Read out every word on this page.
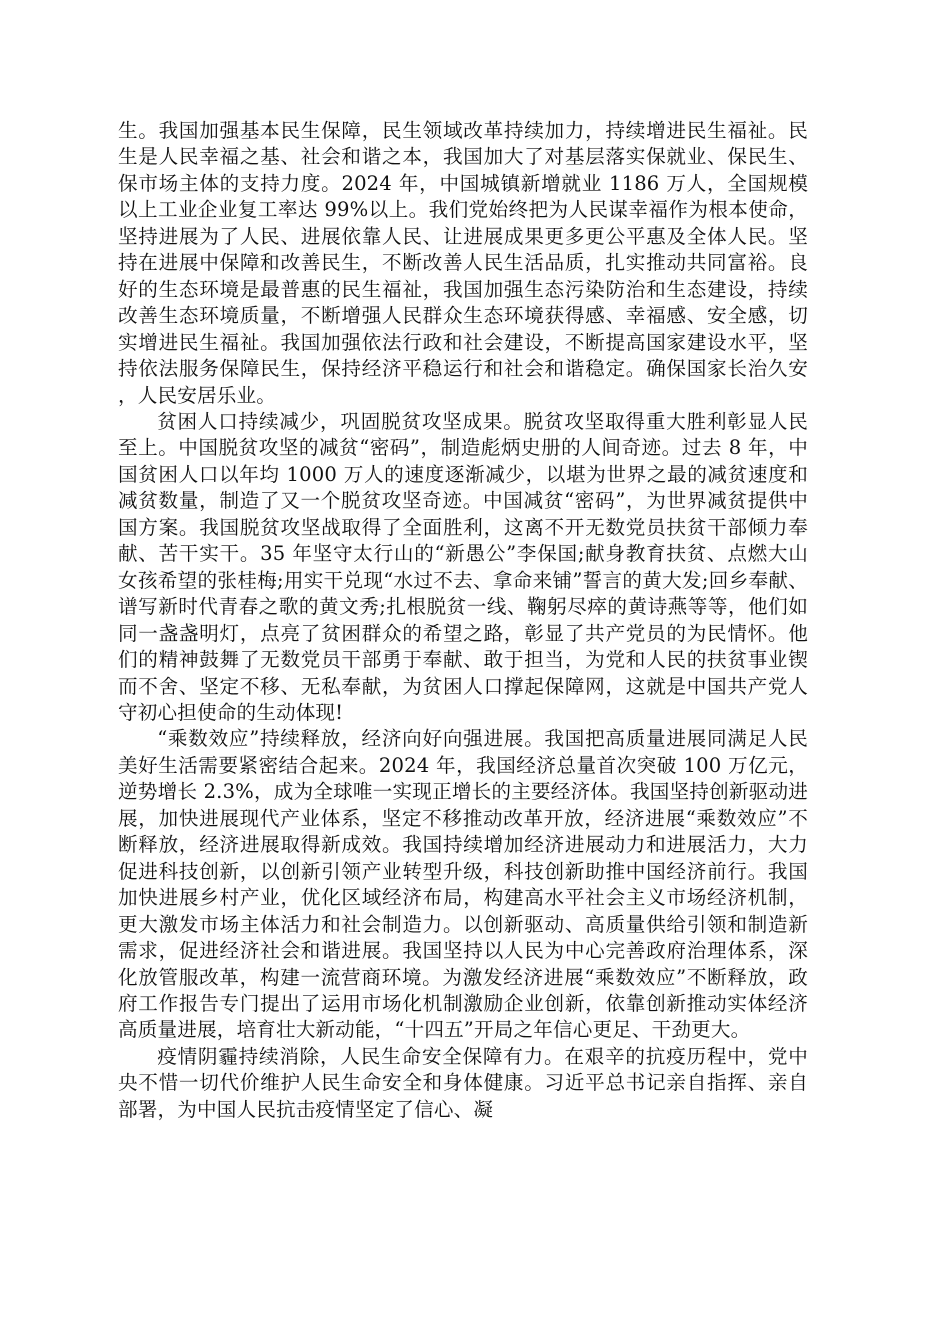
生。我国加强基本民生保障，民生领域改革持续加力，持续增进民生福祉。民生是人民幸福之基、社会和谐之本，我国加大了对基层落实保就业、保民生、保市场主体的支持力度。2024 年，中国城镇新增就业 1186 万人，全国规模以上工业企业复工率达 99%以上。我们党始终把为人民谋幸福作为根本使命，坚持进展为了人民、进展依靠人民、让进展成果更多更公平惠及全体人民。坚持在进展中保障和改善民生，不断改善人民生活品质，扎实推动共同富裕。良好的生态环境是最普惠的民生福祉，我国加强生态污染防治和生态建设，持续改善生态环境质量，不断增强人民群众生态环境获得感、幸福感、安全感，切实增进民生福祉。我国加强依法行政和社会建设，不断提高国家建设水平，坚持依法服务保障民生，保持经济平稳运行和社会和谐稳定。确保国家长治久安，人民安居乐业。

贫困人口持续减少，巩固脱贫攻坚成果。脱贫攻坚取得重大胜利彰显人民至上。中国脱贫攻坚的减贫“密码”，制造彪炳史册的人间奇迹。过去 8 年，中国贫困人口以年均 1000 万人的速度逐渐减少，以堪为世界之最的减贫速度和减贫数量，制造了又一个脱贫攻坚奇迹。中国减贫“密码”，为世界减贫提供中国方案。我国脱贫攻坚战取得了全面胜利，这离不开无数党员扶贫干部倾力奉献、苦干实干。35 年坚守太行山的“新愚公”李保国;献身教育扶贫、点燃大山女孩希望的张桂梅;用实干兑现“水过不去、拿命来铺”誓言的黄大发;回乡奉献、谱写新时代青春之歌的黄文秀;扎根脱贫一线、鞠躬尽瘁的黄诗燕等等，他们如同一盏盏明灯，点亮了贫困群众的希望之路，彰显了共产党员的为民情怀。他们的精神鼓舞了无数党员干部勇于奉献、敢于担当，为党和人民的扶贫事业锲而不舍、坚定不移、无私奉献，为贫困人口撑起保障网，这就是中国共产党人守初心担使命的生动体现!

“乘数效应”持续释放，经济向好向强进展。我国把高质量进展同满足人民美好生活需要紧密结合起来。2024 年，我国经济总量首次突破 100 万亿元，逆势增长 2.3%，成为全球唯一实现正增长的主要经济体。我国坚持创新驱动进展，加快进展现代产业体系，坚定不移推动改革开放，经济进展“乘数效应”不断释放，经济进展取得新成效。我国持续增加经济进展动力和进展活力，大力促进科技创新，以创新引领产业转型升级，科技创新助推中国经济前行。我国加快进展乡村产业，优化区域经济布局，构建高水平社会主义市场经济机制，更大激发市场主体活力和社会制造力。以创新驱动、高质量供给引领和制造新需求，促进经济社会和谐进展。我国坚持以人民为中心完善政府治理体系，深化放管服改革，构建一流营商环境。为激发经济进展“乘数效应”不断释放，政府工作报告专门提出了运用市场化机制激励企业创新，依靠创新推动实体经济高质量进展，培育壮大新动能，“十四五”开局之年信心更足、干劲更大。

疫情阴霾持续消除，人民生命安全保障有力。在艰辛的抗疫历程中，党中央不惜一切代价维护人民生命安全和身体健康。习近平总书记亲自指挥、亲自部署，为中国人民抗击疫情坚定了信心、凝
